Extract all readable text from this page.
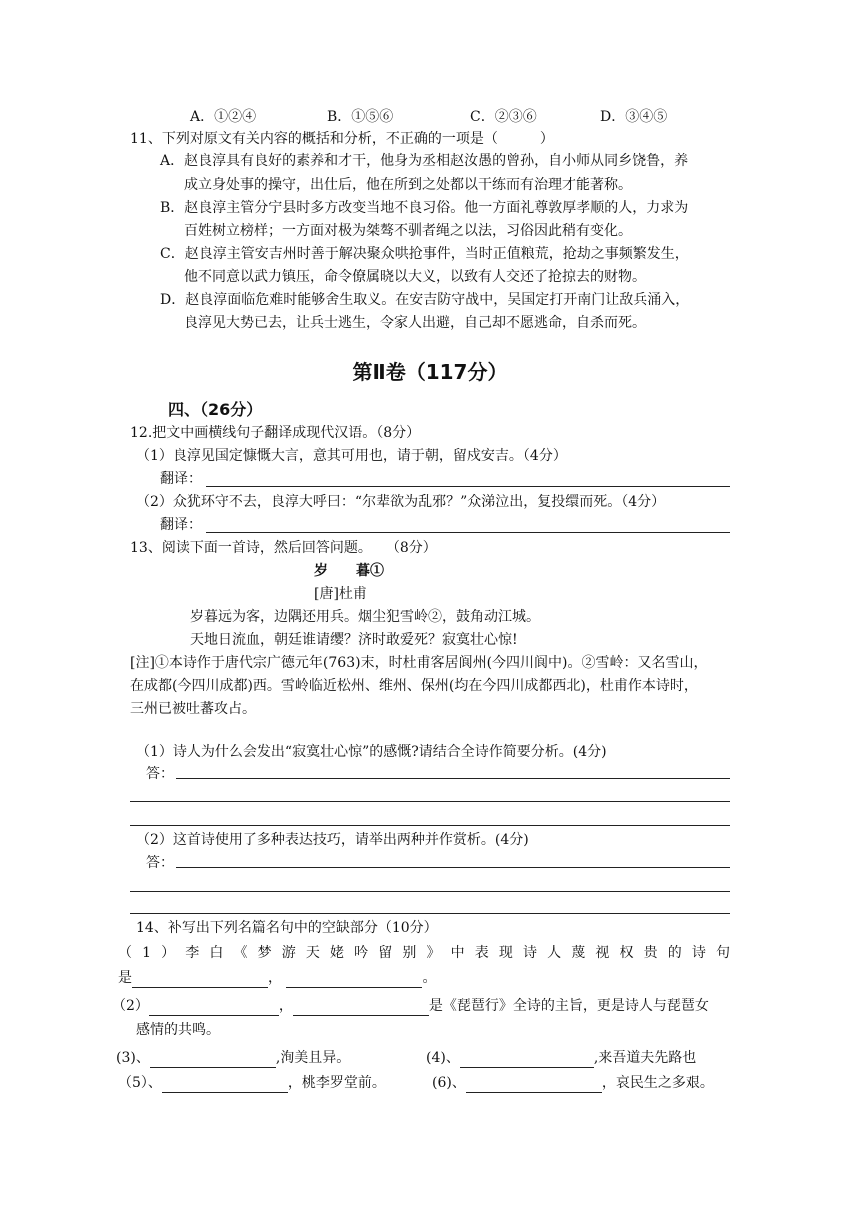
A．①②④	B．①⑤⑥	C．②③⑥	D．③④⑤
11、下列对原文有关内容的概括和分析，不正确的一项是（　　　）
A．赵良淳具有良好的素养和才干，他身为丞相赵汝愚的曾孙，自小师从同乡饶鲁，养
成立身处事的操守，出仕后，他在所到之处都以干练而有治理才能著称。
B．赵良淳主管分宁县时多方改变当地不良习俗。他一方面礼尊敦厚孝顺的人，力求为
百姓树立榜样；一方面对极为桀骜不驯者绳之以法，习俗因此稍有变化。
C．赵良淳主管安吉州时善于解决聚众哄抢事件，当时正值粮荒，抢劫之事频繁发生，
他不同意以武力镇压，命令僚属晓以大义，以致有人交还了抢掠去的财物。
D．赵良淳面临危难时能够舍生取义。在安吉防守战中，吴国定打开南门让敌兵涌入，
良淳见大势已去，让兵士逃生，令家人出避，自己却不愿逃命，自杀而死。
第Ⅱ卷（117分）
四、（26分）
12.把文中画横线句子翻译成现代汉语。（8分）
（1）良淳见国定慷慨大言，意其可用也，请于朝，留戍安吉。（4分）
翻译：
（2）众犹环守不去，良淳大呼曰：“尔辈欲为乱邪？”众涕泣出，复投缳而死。（4分）
翻译：
13、阅读下面一首诗，然后回答问题。　　（8分）
岁　　暮①
[唐]杜甫
岁暮远为客，边隅还用兵。烟尘犯雪岭②，鼓角动江城。
天地日流血，朝廷谁请缨？济时敢爱死？寂寞壮心惊!
[注]①本诗作于唐代宗广德元年(763)末，时杜甫客居阆州(今四川阆中)。②雪岭：又名雪山，
在成都(今四川成都)西。雪岭临近松州、维州、保州(均在今四川成都西北)，杜甫作本诗时，
三州已被吐蕃攻占。
（1）诗人为什么会发出“寂寞壮心惊”的感慨?请结合全诗作简要分析。(4分)
答：
（2）这首诗使用了多种表达技巧，请举出两种并作赏析。(4分)
答：
14、补写出下列名篇名句中的空缺部分（10分）
（1）李白《梦游天姥吟留别》中表现诗人蔑视权贵的诗句
是	，	。
（2）	，	是《琵琶行》全诗的主旨，更是诗人与琵琶女
感情的共鸣。
(3)、	,洵美且异。	(4)、	,来吾道夫先路也
（5）、	，桃李罗堂前。	(6)、	，哀民生之多艰。
